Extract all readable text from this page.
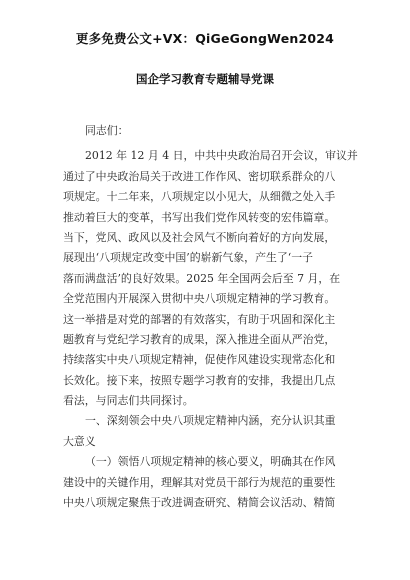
更多免费公文+VX：QiGeGongWen2024
国企学习教育专题辅导党课
同志们：
2012 年 12 月 4 日，中共中央政治局召开会议，审议并
通过了中央政治局关于改进工作作风、密切联系群众的八
项规定。十二年来，八项规定以小见大，从细微之处入手
推动着巨大的变革，书写出我们党作风转变的宏伟篇章。
当下，党风、政风以及社会风气不断向着好的方向发展，
展现出‘八项规定改变中国’的崭新气象，产生了‘一子
落而满盘活’的良好效果。2025 年全国两会后至 7 月，在
全党范围内开展深入贯彻中央八项规定精神的学习教育。
这一举措是对党的部署的有效落实，有助于巩固和深化主
题教育与党纪学习教育的成果，深入推进全面从严治党，
持续落实中央八项规定精神，促使作风建设实现常态化和
长效化。接下来，按照专题学习教育的安排，我提出几点
看法，与同志们共同探讨。
一、深刻领会中央八项规定精神内涵，充分认识其重
大意义
（一）领悟八项规定精神的核心要义，明确其在作风
建设中的关键作用，理解其对党员干部行为规范的重要性
中央八项规定聚焦于改进调查研究、精简会议活动、精简
